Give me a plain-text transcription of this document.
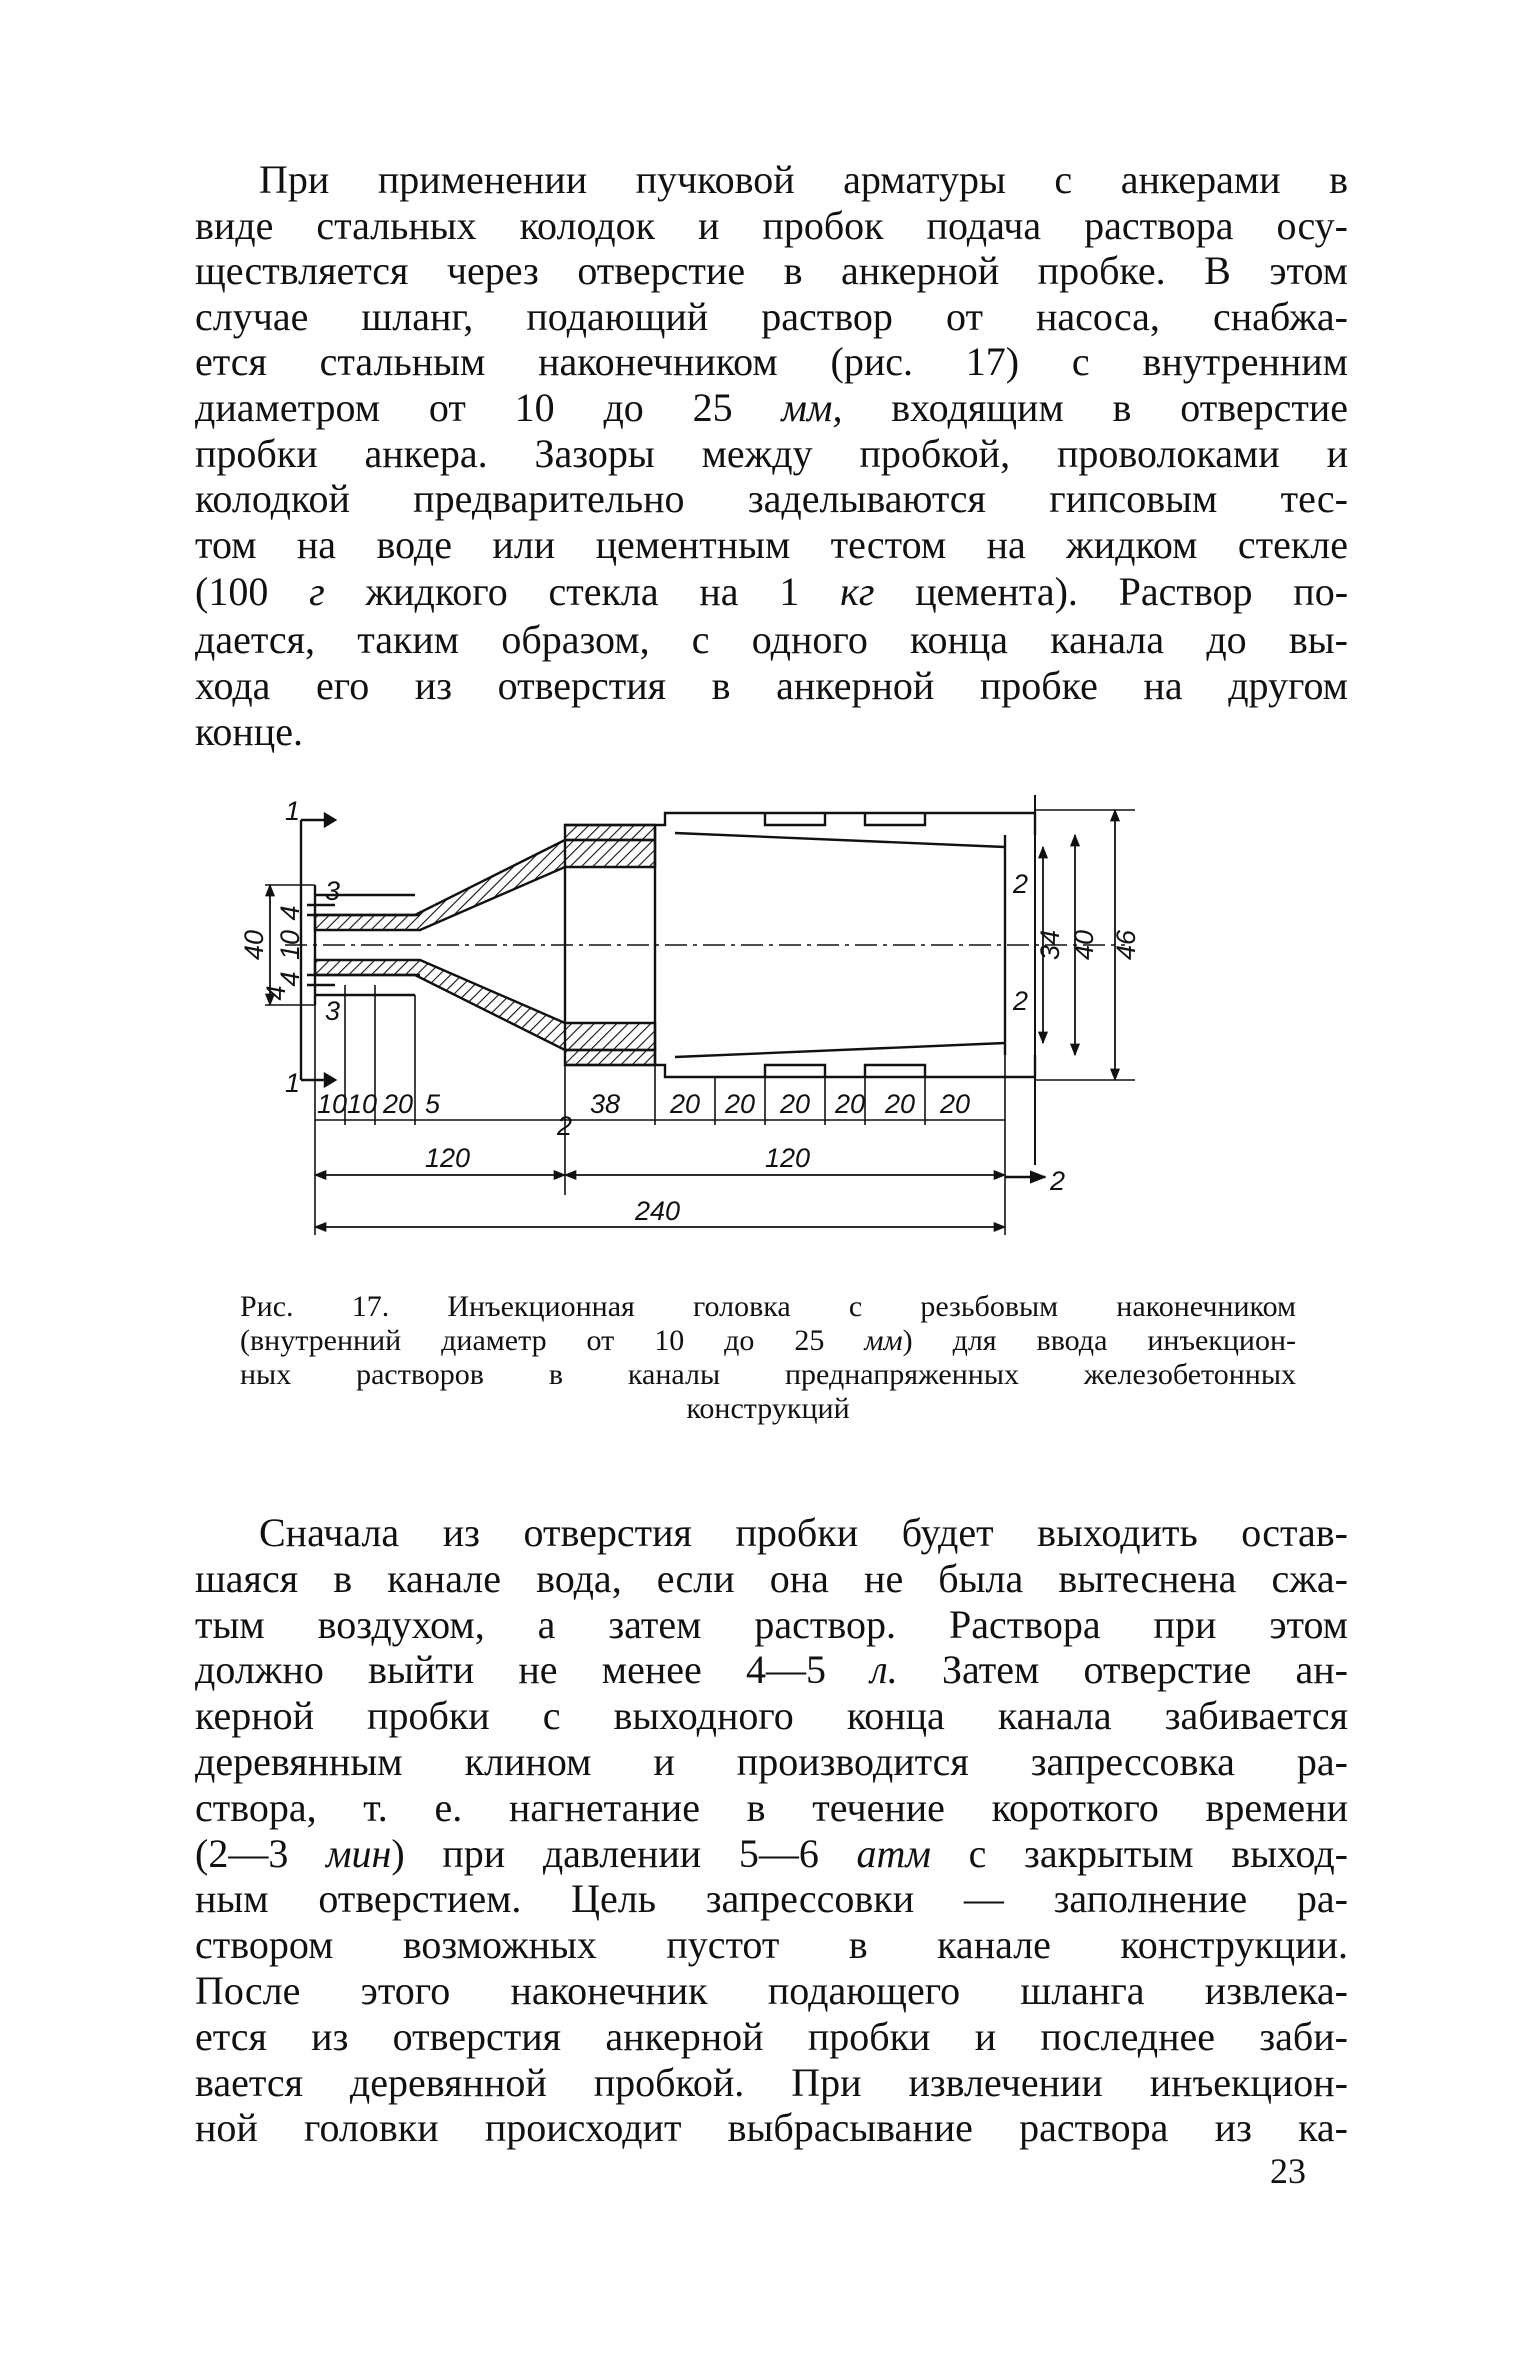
При применении пучковой арматуры с анкерами в
виде стальных колодок и пробок подача раствора осу-
ществляется через отверстие в анкерной пробке. В этом
случае шланг, подающий раствор от насоса, снабжа-
ется стальным наконечником (рис. 17) с внутренним
диаметром от 10 до 25 мм, входящим в отверстие
пробки анкера. Зазоры между пробкой, проволоками и
колодкой предварительно заделываются гипсовым тес-
том на воде или цементным тестом на жидком стекле
(100 г жидкого стекла на 1 кг цемента). Раствор по-
дается, таким образом, с одного конца канала до вы-
хода его из отверстия в анкерной пробке на другом
конце.
1
1
2
3
3
2
2
2
40
4
10
4
4
34 40 46
10 10 20 5	38 20 20 20 20 20 20
120	120
240
Рис. 17. Инъекционная головка с резьбовым наконечником
(внутренний диаметр от 10 до 25 мм) для ввода инъекцион-
ных растворов в каналы преднапряженных железобетонных
конструкций
Сначала из отверстия пробки будет выходить остав-
шаяся в канале вода, если она не была вытеснена сжа-
тым воздухом, а затем раствор. Раствора при этом
должно выйти не менее 4—5 л. Затем отверстие ан-
керной пробки с выходного конца канала забивается
деревянным клином и производится запрессовка ра-
створа, т. е. нагнетание в течение короткого времени
(2—3 мин) при давлении 5—6 атм с закрытым выход-
ным отверстием. Цель запрессовки — заполнение ра-
створом возможных пустот в канале конструкции.
После этого наконечник подающего шланга извлека-
ется из отверстия анкерной пробки и последнее заби-
вается деревянной пробкой. При извлечении инъекцион-
ной головки происходит выбрасывание раствора из ка-
23
